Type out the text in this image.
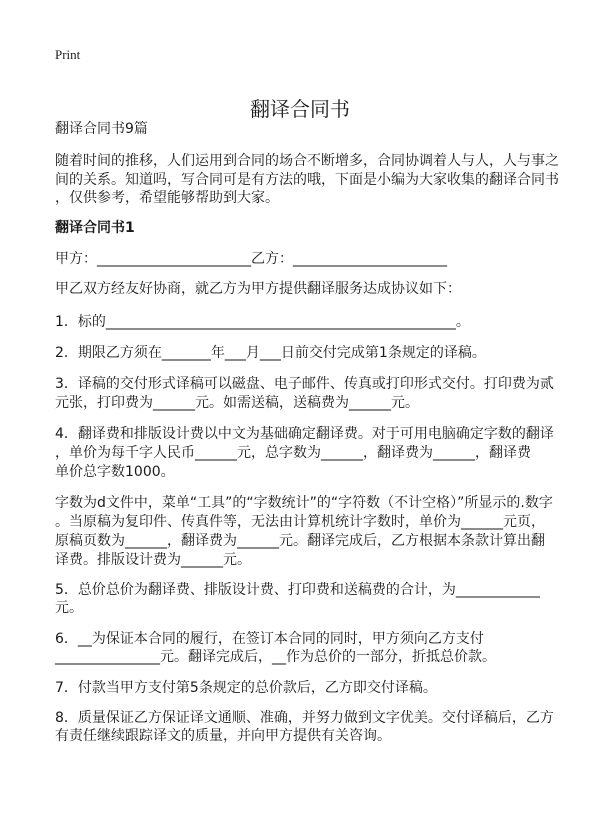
Print
翻译合同书
翻译合同书9篇
翻译合同书1
随着时间的推移，人们运用到合同的场合不断增多，合同协调着人与人，人与事之
间的关系。知道吗，写合同可是有方法的哦，下面是小编为大家收集的翻译合同书
，仅供参考，希望能够帮助到大家。
甲方：______________________乙方：______________________
甲乙双方经友好协商，就乙方为甲方提供翻译服务达成协议如下：
1．标的__________________________________________________。
2．期限乙方须在_______年___月___日前交付完成第1条规定的译稿。
3．译稿的交付形式译稿可以磁盘、电子邮件、传真或打印形式交付。打印费为贰
元张，打印费为______元。如需送稿，送稿费为______元。
4．翻译费和排版设计费以中文为基础确定翻译费。对于可用电脑确定字数的翻译
，单价为每千字人民币______元，总字数为______，翻译费为______，翻译费
单价总字数1000。
字数为d文件中，菜单“工具”的“字数统计”的“字符数（不计空格）”所显示的.数字
。当原稿为复印件、传真件等，无法由计算机统计字数时，单价为______元页，
原稿页数为______，翻译费为______元。翻译完成后，乙方根据本条款计算出翻
译费。排版设计费为______元。
5．总价总价为翻译费、排版设计费、打印费和送稿费的合计，为____________
元。
6．__为保证本合同的履行，在签订本合同的同时，甲方须向乙方支付
_______________元。翻译完成后，__作为总价的一部分，折抵总价款。
7．付款当甲方支付第5条规定的总价款后，乙方即交付译稿。
8．质量保证乙方保证译文通顺、准确，并努力做到文字优美。交付译稿后，乙方
有责任继续跟踪译文的质量，并向甲方提供有关咨询。
